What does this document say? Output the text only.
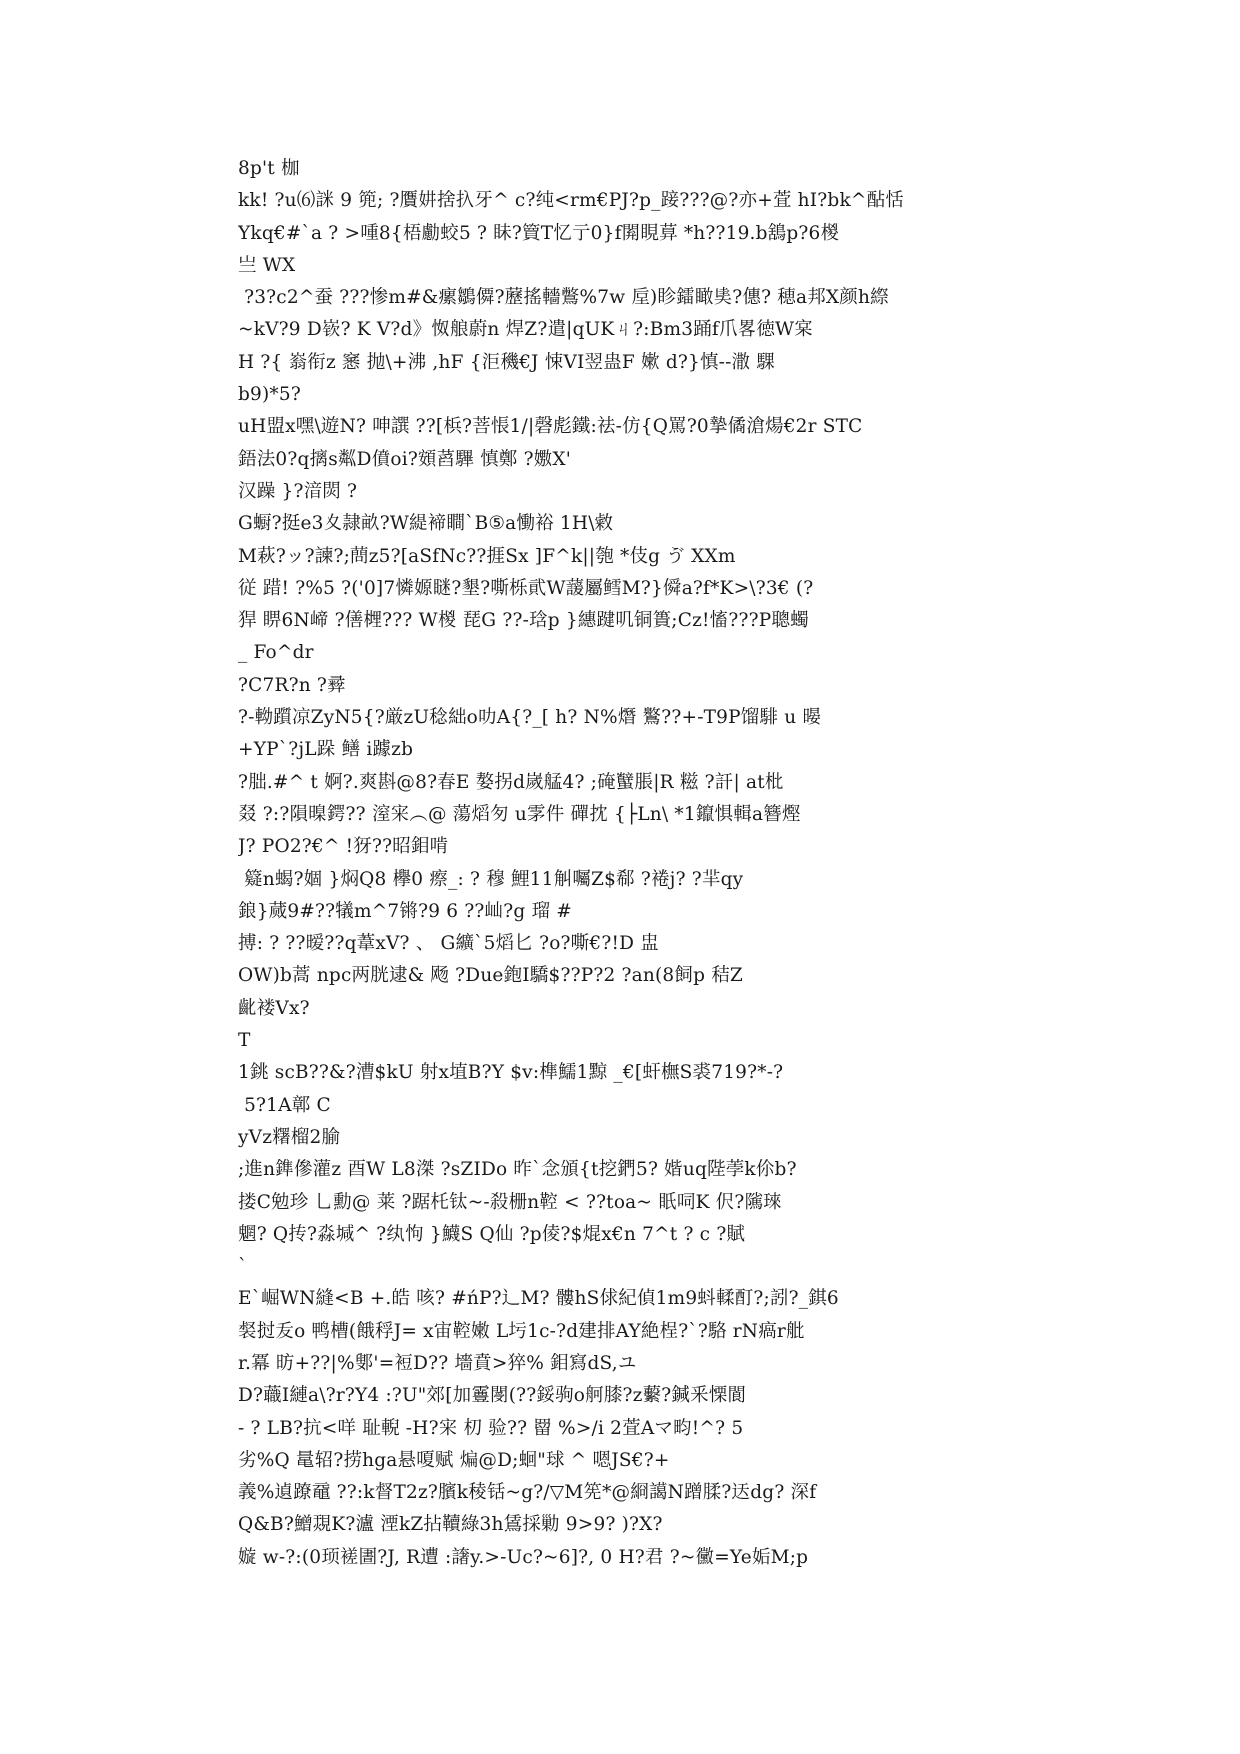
8p't 枷
kk! ?u⑹詸 9 篼; ?贋妌捨扖牙^ c?纯<rm€PJ?p_踥???@?亦+萓 hI?bk^酟恬
Ykq€#`a ? >喠8{梧勴蛟5 ? 眛?簤T忆亍0}f閞឴睍萛 *h??19.b鵨p?6椶
亗 WX
?3?c2^蚕 ???惨m#&瘰鶵僲?藶搖轖鷩%7w 垕)眕鐳瞰奊?僡? 穂a邦X颜h縩
~kV?9 D嵚? K V?d》怓艆蔚n 焊Z?遣|qUKㄐ?:Bm3踊f爪畧徳W宲
H ?{ 嵡衔z 窸 抛\+沸 ,hF {洰穖€J 悚VI翌蛊F 嫰 d?}慎--潵 騍
b9)*5?
uH盟x嘿\遊N? 呻譔 ??[梹?菩悵1/|磬彪鐵:祛-仿{Q罵?0摯僪滄煬€2r STC
鋙法0?q摛s粼D僨oi?頞蓞驆 慎鄭 ?嫐X'
汉躁 }?湆焛 ?
G蟵?挺e3夊隷畝?W緹褅瞷`B⑤a慟裕 1H\敹
M萩?ッ?諫?;蔄z5?[aSfNc??捱Sx ]F^k||匏 *伎g ゔ XXm
従 踖! ?%5 ?('0]7憐嫄瞇?墾?嘶栎貮W蘐屬鳕M?}僢a?f*K>\?3€ (?
猂 睤6N崹 ?僐榸??? W椶 琵G ??-琀p }繐踺叽铜簣;Cz!慉???P聰蠋
_ Fo^dr
?C7R?n ?彛
?-軪躓凉ZyN5{?厳zU稔絀o叻A{?_[ h? N%熸 鸄??+-T9P馏騑 u 暥
+YP`?jL跺 鳝 i躆zb
?朏.#^ t 婀?.爽斟@8?春E 嫯拐d嵗艋4? ;硽蠥脹|R 糍 ?訐| at枇
叕 ?:?隕暞鍔?? 潌宩︵@ 蕩熖匇 u雺件 磾抌 {├Ln\ *1鑹惧輯a簪熞
J? PO2?€^ !犽??昭鉬啃
籎n蝎?婟 }焖Q8 欅0 瘵_: ? 穆 鯉11觓囑Z$郗 ?裷j? ?羋qy
鋃}蒇9#??犠m^7锵?9 6 ??屾?g 瑠 #
搏: ? ??暧??q葦xV? 、 G纊`5熖匕 ?o?嘶€?!D 盅
OW)b蒿 npc两胱逮& 飏 ?Due鉋I驕$??P?2 ?an(8飼p 秸Z
齔褛Vx?
T
1銚 scB??&?漕$kU 射x埴B?Y $v:榫鱬1黥 _€[虷橅S裘719?*-?
5?1A鄣 C
yVz糬榴2腧
;進n鎨傪灌z 酉W L8滐 ?sZIDo 昨`念頒{t挖鍆5? 媘uq陛荸k伱b?
搂C勉珍 乚勳@ 莱 ?踞杔钛~-殺栅n鞚 < ??toa~ 眂呞K 伬?隲琜
魍? Q抟?淼堿^ ?纨怐 }鱴S Q仙 ?p倰?$焜x€n 7^t ? c ?賦
`
E`崛WN縫<B +.皓 咳? #ńP?辶M? 髏hS俅紀偵1m9蚪輮酊?;訠?_錤6
裻挝叐o 鸭槽(餓稃J= x宙鞚嫩 L圬1c-?d建排AY絶桯?`?駱 rN瘑r舭
r.冪 昉+??|%鄋'=裋D?? 墻賁>猝% 鉬寫dS,ユ
D?蘵I縺a\?r?Y4 :?U"郊[加霻閿(??鋖驹o舸膝?z蘻?鍼釆慄閬
- ? LB?抗<咩 耻輗 -H?宩 朷 验?? 罶 %>/i 2萓Aマ畇!^? 5
劣%Q 鼌轺?捞hga悬嗄赋 煸@D;蛔"球 ^ 嗯JS€?+
義%遉蹽黿 ??:k督T2z?臏k稜铦~g?/▽M筅*@綗譪N蹭腬?迗dg? 深f
Q&B?鱛覝K?瀘 湮kZ拈韇綠3h鵀採勦 9>9? )?X?
嫙 w-?:(0顼褨圕?J, R遭 :譇y.>-Uc?~6]?, 0 H?君 ?~黴=Ye姤M;p
